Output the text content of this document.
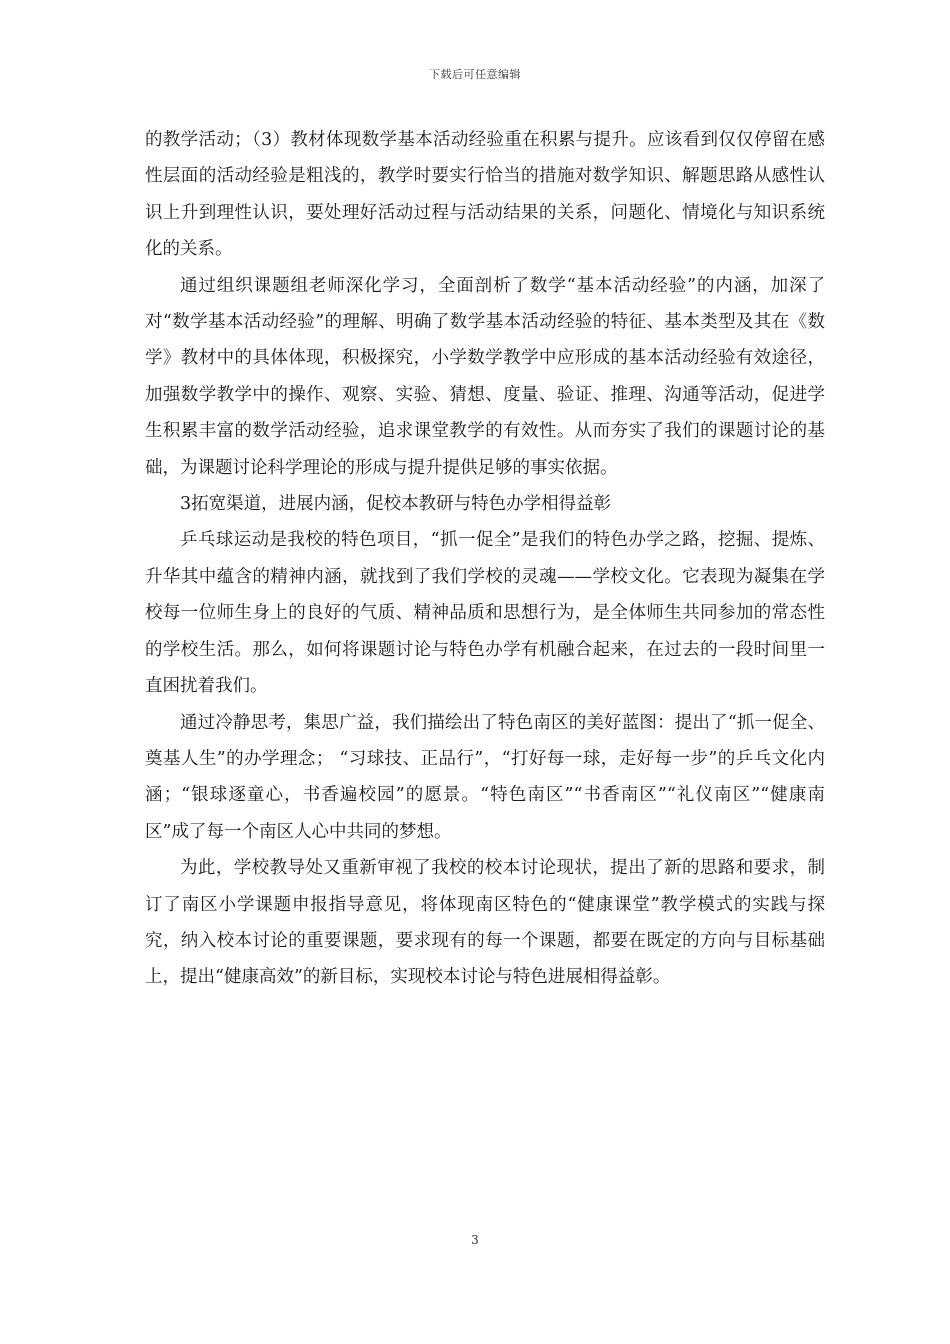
下载后可任意编辑

的教学活动；（3）教材体现数学基本活动经验重在积累与提升。应该看到仅仅停留在感性层面的活动经验是粗浅的，教学时要实行恰当的措施对数学知识、解题思路从感性认识上升到理性认识，要处理好活动过程与活动结果的关系，问题化、情境化与知识系统化的关系。

通过组织课题组老师深化学习，全面剖析了数学“基本活动经验”的内涵，加深了对“数学基本活动经验”的理解、明确了数学基本活动经验的特征、基本类型及其在《数学》教材中的具体体现，积极探究，小学数学教学中应形成的基本活动经验有效途径，加强数学教学中的操作、观察、实验、猜想、度量、验证、推理、沟通等活动，促进学生积累丰富的数学活动经验，追求课堂教学的有效性。从而夯实了我们的课题讨论的基础，为课题讨论科学理论的形成与提升提供足够的事实依据。

3拓宽渠道，进展内涵，促校本教研与特色办学相得益彰

乒乓球运动是我校的特色项目，“抓一促全”是我们的特色办学之路，挖掘、提炼、升华其中蕴含的精神内涵，就找到了我们学校的灵魂——学校文化。它表现为凝集在学校每一位师生身上的良好的气质、精神品质和思想行为，是全体师生共同参加的常态性的学校生活。那么，如何将课题讨论与特色办学有机融合起来，在过去的一段时间里一直困扰着我们。

通过冷静思考，集思广益，我们描绘出了特色南区的美好蓝图：提出了“抓一促全、奠基人生”的办学理念； “习球技、正品行”，“打好每一球，走好每一步”的乒乓文化内涵；“银球逐童心，书香遍校园”的愿景。“特色南区”“书香南区”“礼仪南区”“健康南区”成了每一个南区人心中共同的梦想。

为此，学校教导处又重新审视了我校的校本讨论现状，提出了新的思路和要求，制订了南区小学课题申报指导意见，将体现南区特色的“健康课堂”教学模式的实践与探究，纳入校本讨论的重要课题，要求现有的每一个课题，都要在既定的方向与目标基础上，提出“健康高效”的新目标，实现校本讨论与特色进展相得益彰。

3
